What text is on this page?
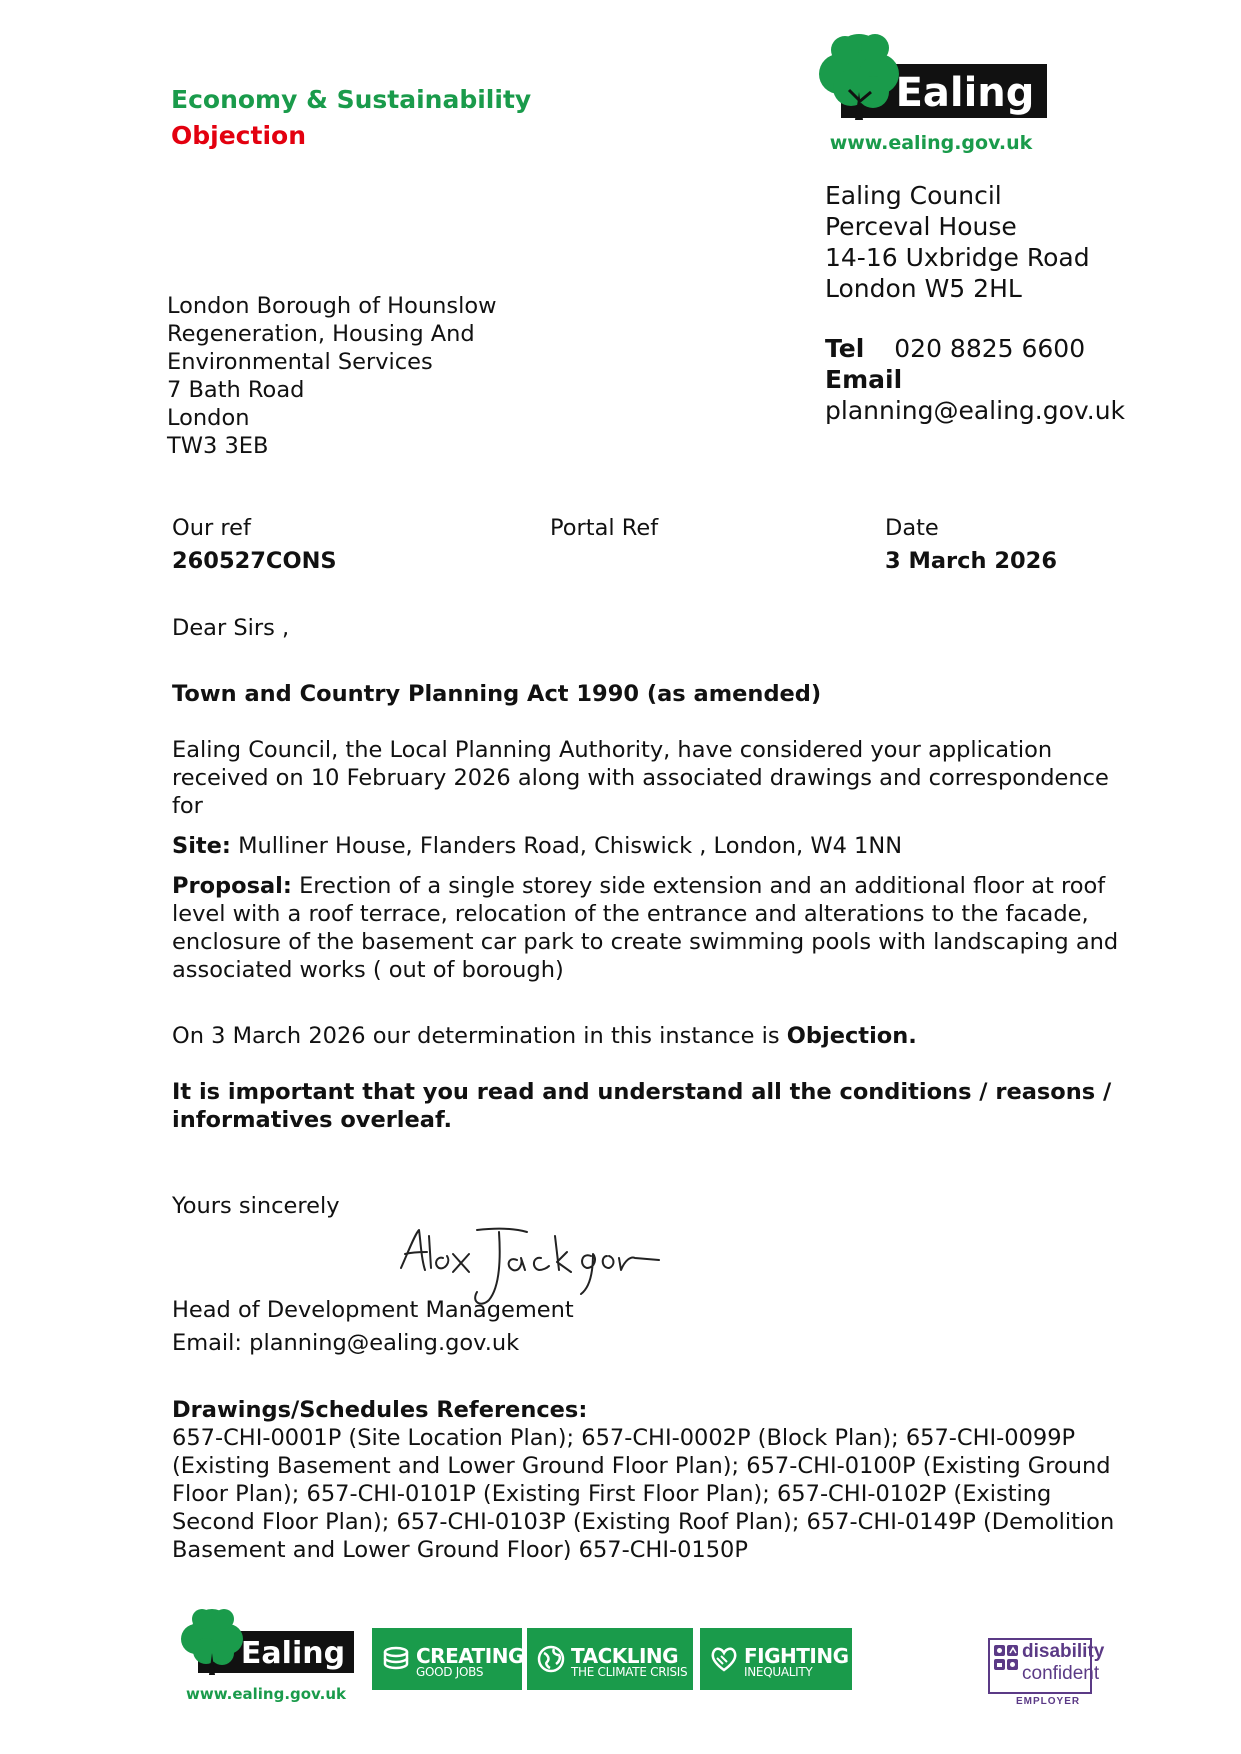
Economy & Sustainability
Objection
Ealing
www.ealing.gov.uk
Ealing Council
Perceval House
14-16 Uxbridge Road
London W5 2HL
Tel 020 8825 6600
Email
planning@ealing.gov.uk
London Borough of Hounslow
Regeneration, Housing And
Environmental Services
7 Bath Road
London
TW3 3EB
Our ref
260527CONS
Portal Ref	Date
3 March 2026
Dear Sirs ,
Town and Country Planning Act 1990 (as amended)
Ealing Council, the Local Planning Authority, have considered your application received on 10 February 2026 along with associated drawings and correspondence for
Site: Mulliner House, Flanders Road, Chiswick , London, W4 1NN
Proposal: Erection of a single storey side extension and an additional floor at roof level with a roof terrace, relocation of the entrance and alterations to the facade, enclosure of the basement car park to create swimming pools with landscaping and associated works ( out of borough)
On 3 March 2026 our determination in this instance is Objection.
It is important that you read and understand all the conditions / reasons / informatives overleaf.
Yours sincerely
Head of Development Management
Email: planning@ealing.gov.uk
Drawings/Schedules References:
657-CHI-0001P (Site Location Plan); 657-CHI-0002P (Block Plan); 657-CHI-0099P (Existing Basement and Lower Ground Floor Plan); 657-CHI-0100P (Existing Ground Floor Plan); 657-CHI-0101P (Existing First Floor Plan); 657-CHI-0102P (Existing Second Floor Plan); 657-CHI-0103P (Existing Roof Plan); 657-CHI-0149P (Demolition Basement and Lower Ground Floor) 657-CHI-0150P
Ealing
www.ealing.gov.uk
CREATING
GOOD JOBS
TACKLING
THE CLIMATE CRISIS
FIGHTING
INEQUALITY
disability
confident
EMPLOYER
